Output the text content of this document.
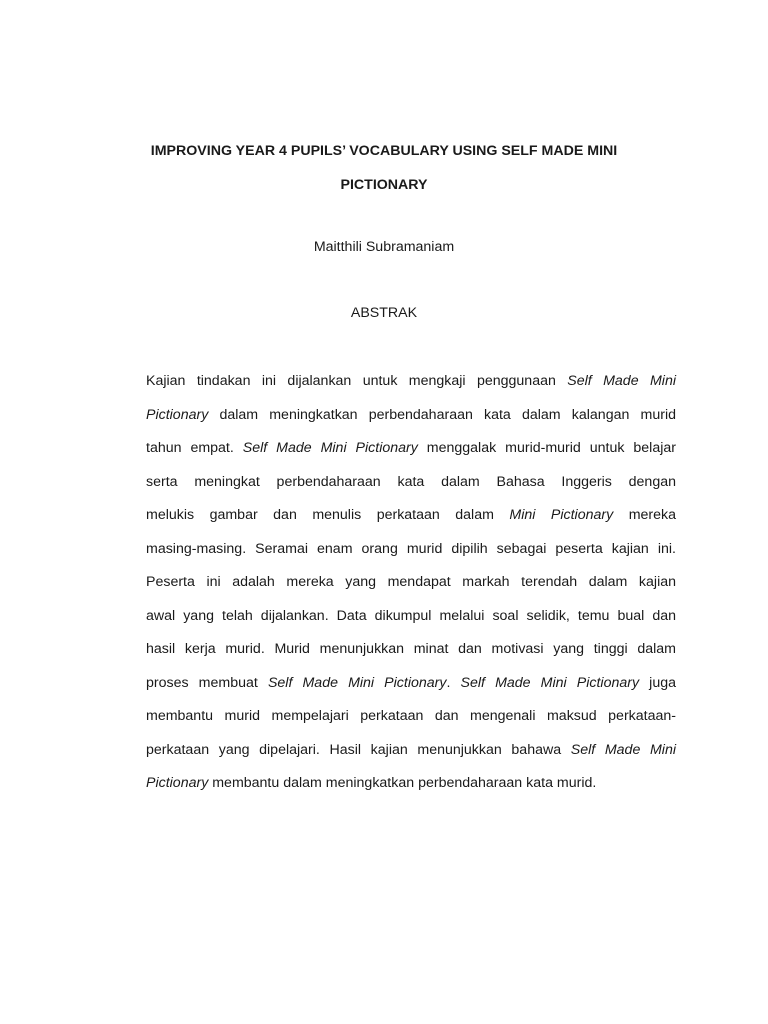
IMPROVING YEAR 4 PUPILS’ VOCABULARY USING SELF MADE MINI
PICTIONARY
Maitthili Subramaniam
ABSTRAK
Kajian tindakan ini dijalankan untuk mengkaji penggunaan Self Made Mini
Pictionary dalam meningkatkan perbendaharaan kata dalam kalangan murid
tahun empat. Self Made Mini Pictionary menggalak murid-murid untuk belajar
serta meningkat perbendaharaan kata dalam Bahasa Inggeris dengan
melukis gambar dan menulis perkataan dalam Mini Pictionary mereka
masing-masing. Seramai enam orang murid dipilih sebagai peserta kajian ini.
Peserta ini adalah mereka yang mendapat markah terendah dalam kajian
awal yang telah dijalankan. Data dikumpul melalui soal selidik, temu bual dan
hasil kerja murid. Murid menunjukkan minat dan motivasi yang tinggi dalam
proses membuat Self Made Mini Pictionary. Self Made Mini Pictionary juga
membantu murid mempelajari perkataan dan mengenali maksud perkataan-
perkataan yang dipelajari. Hasil kajian menunjukkan bahawa Self Made Mini
Pictionary membantu dalam meningkatkan perbendaharaan kata murid.
